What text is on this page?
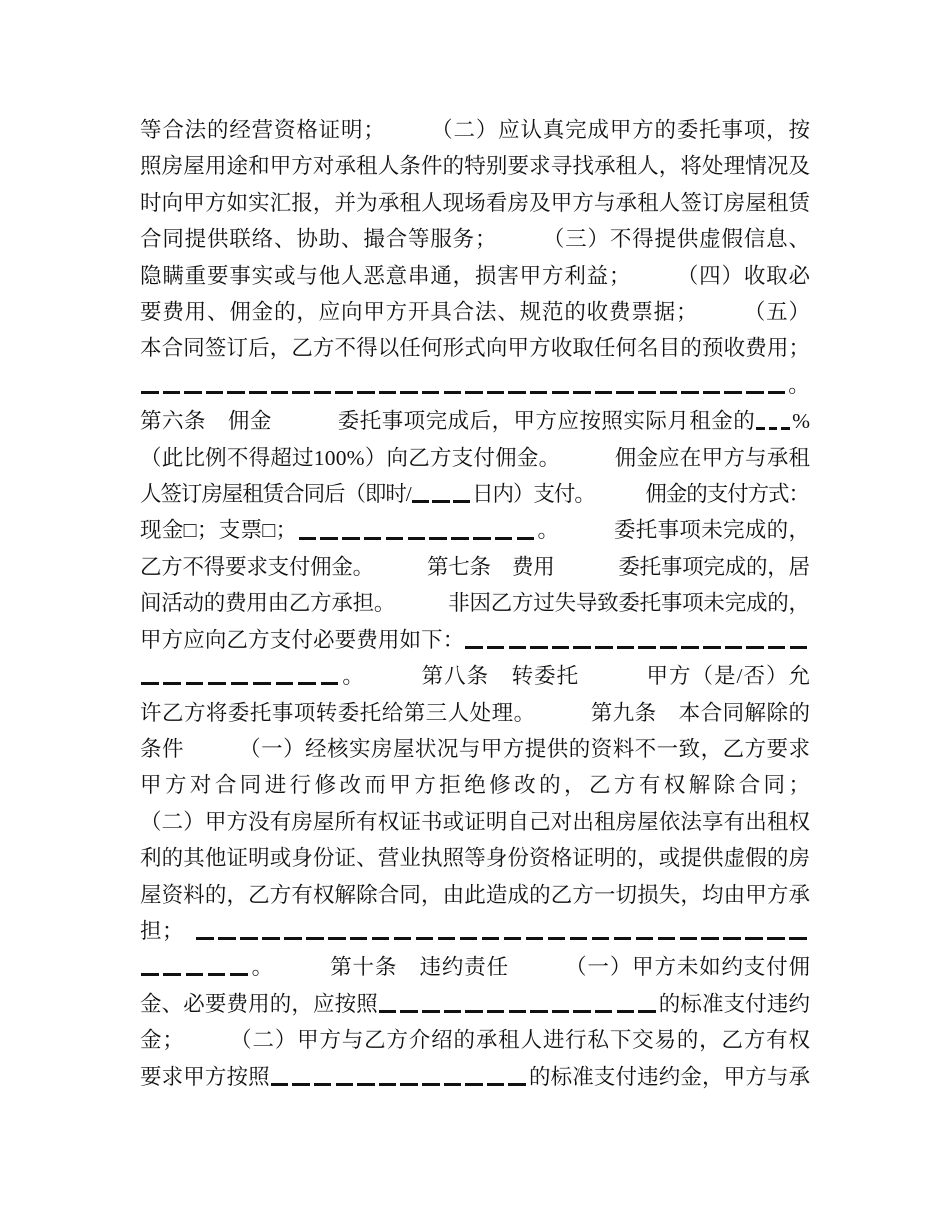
等合法的经营资格证明；　　　（二）应认真完成甲方的委托事项，按
照房屋用途和甲方对承租人条件的特别要求寻找承租人，将处理情况及
时向甲方如实汇报，并为承租人现场看房及甲方与承租人签订房屋租赁
合同提供联络、协助、撮合等服务；　　　（三）不得提供虚假信息、
隐瞒重要事实或与他人恶意串通，损害甲方利益；　　　（四）收取必
要费用、佣金的，应向甲方开具合法、规范的收费票据；　　　（五）
本合同签订后，乙方不得以任何形式向甲方收取任何名目的预收费用；
。
第六条　佣金　　　委托事项完成后，甲方应按照实际月租金的 %
（此比例不得超过100%）向乙方支付佣金。　　　佣金应在甲方与承租
人签订房屋租赁合同后（即时/	日内）支付。　　　佣金的支付方式：
现金□；支票□；	。　　　委托事项未完成的，
乙方不得要求支付佣金。　　　第七条　费用　　　委托事项完成的，居
间活动的费用由乙方承担。　　　非因乙方过失导致委托事项未完成的，
甲方应向乙方支付必要费用如下：
。　　　第八条　转委托　　　甲方（是/否）允
许乙方将委托事项转委托给第三人处理。　　　第九条　本合同解除的
条件　　　（一）经核实房屋状况与甲方提供的资料不一致，乙方要求
甲方对合同进行修改而甲方拒绝修改的，乙方有权解除合同；
（二）甲方没有房屋所有权证书或证明自己对出租房屋依法享有出租权
利的其他证明或身份证、营业执照等身份资格证明的，或提供虚假的房
屋资料的，乙方有权解除合同，由此造成的乙方一切损失，均由甲方承
担；　
。　　　第十条　违约责任　　　（一）甲方未如约支付佣
金、必要费用的，应按照	的标准支付违约
金；　　　（二）甲方与乙方介绍的承租人进行私下交易的，乙方有权
要求甲方按照	的标准支付违约金，甲方与承
